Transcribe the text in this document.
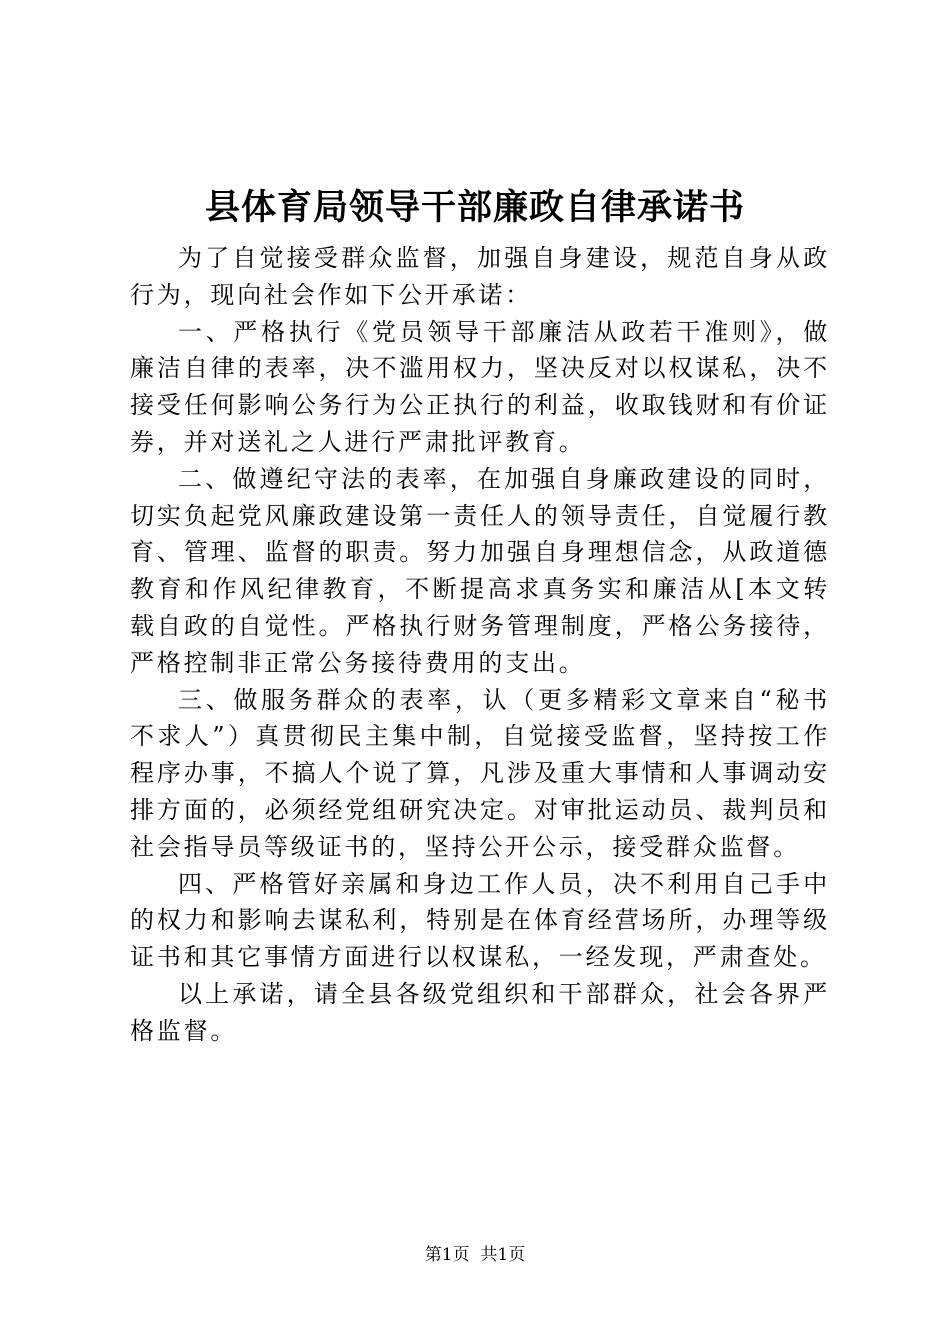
县体育局领导干部廉政自律承诺书

为了自觉接受群众监督，加强自身建设，规范自身从政行为，现向社会作如下公开承诺：

一、严格执行《党员领导干部廉洁从政若干准则》，做廉洁自律的表率，决不滥用权力，坚决反对以权谋私，决不接受任何影响公务行为公正执行的利益，收取钱财和有价证券，并对送礼之人进行严肃批评教育。

二、做遵纪守法的表率，在加强自身廉政建设的同时，切实负起党风廉政建设第一责任人的领导责任，自觉履行教育、管理、监督的职责。努力加强自身理想信念，从政道德教育和作风纪律教育，不断提高求真务实和廉洁从[本文转载自政的自觉性。严格执行财务管理制度，严格公务接待，严格控制非正常公务接待费用的支出。

三、做服务群众的表率，认（更多精彩文章来自“秘书不求人”）真贯彻民主集中制，自觉接受监督，坚持按工作程序办事，不搞人个说了算，凡涉及重大事情和人事调动安排方面的，必须经党组研究决定。对审批运动员、裁判员和社会指导员等级证书的，坚持公开公示，接受群众监督。

四、严格管好亲属和身边工作人员，决不利用自己手中的权力和影响去谋私利，特别是在体育经营场所，办理等级证书和其它事情方面进行以权谋私，一经发现，严肃查处。

以上承诺，请全县各级党组织和干部群众，社会各界严格监督。

第1页 共1页
